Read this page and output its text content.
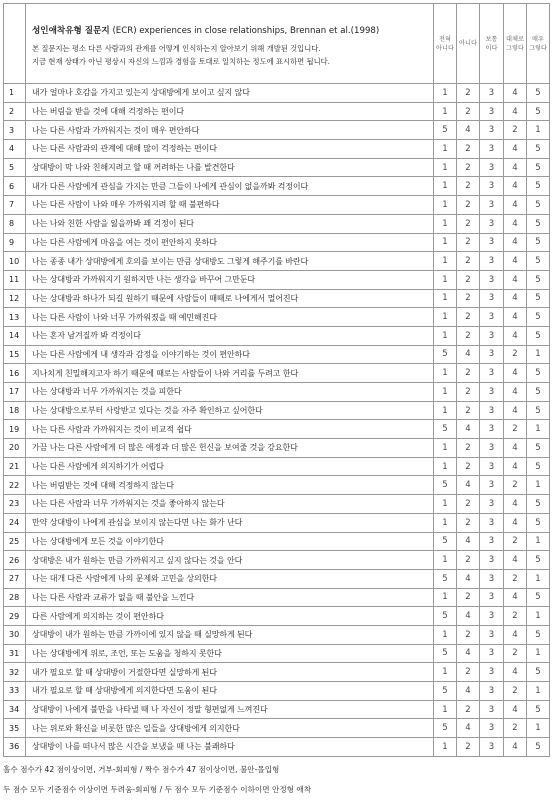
	성인애착유형 질문지 (ECR) experiences in close relationships, Brennan et al.(1998)
본 질문지는 평소 다른 사람과의 관계를 어떻게 인식하는지 알아보기 위해 개발된 것입니다.
지금 현재 상태가 아닌 평상시 자신의 느낌과 경험을 토대로 일치하는 정도에 표시하면 됩니다.	전혀 아니다	아니다	보통 이다	대체로 그렇다	매우 그렇다
1	내가 얼마나 호감을 가지고 있는지 상대방에게 보이고 싶지 않다	1	2	3	4	5
2	나는 버림을 받을 것에 대해 걱정하는 편이다	1	2	3	4	5
3	나는 다른 사람과 가까워지는 것이 매우 편안하다	5	4	3	2	1
4	나는 다른 사람과의 관계에 대해 많이 걱정하는 편이다	1	2	3	4	5
5	상대방이 막 나와 친해지려고 할 때 꺼려하는 나를 발견한다	1	2	3	4	5
6	내가 다른 사람에게 관심을 가지는 만큼 그들이 나에게 관심이 없을까봐 걱정이다	1	2	3	4	5
7	나는 다른 사람이 나와 매우 가까워지려 할 때 불편하다	1	2	3	4	5
8	나는 나와 친한 사람을 잃을까봐 꽤 걱정이 된다	1	2	3	4	5
9	나는 다른 사람에게 마음을 여는 것이 편안하지 못하다	1	2	3	4	5
10	나는 종종 내가 상대방에게 호의를 보이는 만큼 상대방도 그렇게 해주기를 바란다	1	2	3	4	5
11	나는 상대방과 가까워지기 원하지만 나는 생각을 바꾸어 그만둔다	1	2	3	4	5
12	나는 상대방과 하나가 되길 원하기 때문에 사람들이 때때로 나에게서 멀어진다	1	2	3	4	5
13	나는 다른 사람이 나와 너무 가까워졌을 때 예민해진다	1	2	3	4	5
14	나는 혼자 남겨질까 봐 걱정이다	1	2	3	4	5
15	나는 다른 사람에게 내 생각과 감정을 이야기하는 것이 편안하다	5	4	3	2	1
16	지나치게 친밀해지고자 하기 때문에 때로는 사람들이 나와 거리를 두려고 한다	1	2	3	4	5
17	나는 상대방과 너무 가까워지는 것을 피한다	1	2	3	4	5
18	나는 상대방으로부터 사랑받고 있다는 것을 자주 확인하고 싶어한다	1	2	3	4	5
19	나는 다른 사람과 가까워지는 것이 비교적 쉽다	5	4	3	2	1
20	가끔 나는 다른 사람에게 더 많은 애정과 더 많은 헌신을 보여줄 것을 강요한다	1	2	3	4	5
21	나는 다른 사람에게 의지하기가 어렵다	1	2	3	4	5
22	나는 버림받는 것에 대해 걱정하지 않는다	5	4	3	2	1
23	나는 다른 사람과 너무 가까워지는 것을 좋아하지 않는다	1	2	3	4	5
24	만약 상대방이 나에게 관심을 보이지 않는다면 나는 화가 난다	1	2	3	4	5
25	나는 상대방에게 모든 것을 이야기한다	5	4	3	2	1
26	상대방은 내가 원하는 만큼 가까워지고 싶지 않다는 것을 안다	1	2	3	4	5
27	나는 대개 다른 사람에게 나의 문제와 고민을 상의한다	5	4	3	2	1
28	나는 다른 사람과 교류가 없을 때 불안을 느낀다	1	2	3	4	5
29	다른 사람에게 의지하는 것이 편안하다	5	4	3	2	1
30	상대방이 내가 원하는 만큼 가까이에 있지 않을 때 실망하게 된다	1	2	3	4	5
31	나는 상대방에게 위로, 조언, 또는 도움을 청하지 못한다	5	4	3	2	1
32	내가 필요로 할 때 상대방이 거절한다면 실망하게 된다	1	2	3	4	5
33	내가 필요로 할 때 상대방에게 의지한다면 도움이 된다	5	4	3	2	1
34	상대방이 나에게 불만을 나타낼 때 나 자신이 정말 형편없게 느껴진다	1	2	3	4	5
35	나는 위로와 확신을 비롯한 많은 일들을 상대방에게 의지한다	5	4	3	2	1
36	상대방이 나를 떠나서 많은 시간을 보냈을 때 나는 불쾌하다	1	2	3	4	5
홀수 점수가 42 점이상이면, 거부-회피형 / 짝수 점수가 47 점이상이면, 불안-몰입형
두 점수 모두 기준점수 이상이면 두려움-회피형 / 두 점수 모두 기준점수 이하이면 안정형 애착
